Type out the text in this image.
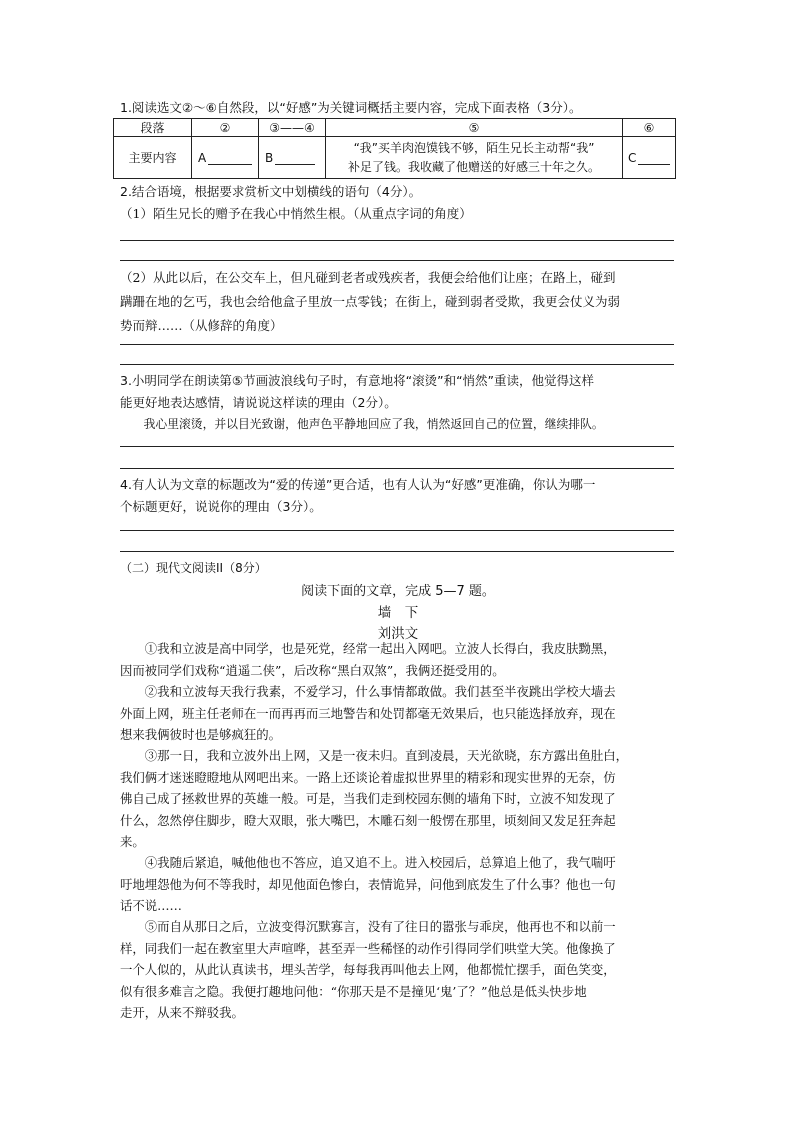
1.阅读选文②～⑥自然段，以“好感”为关键词概括主要内容，完成下面表格（3分）。
段落	②	③——④	⑤	⑥
主要内容	A	B	“我”买羊肉泡馍钱不够，陌生兄长主动帮“我”
补足了钱。我收藏了他赠送的好感三十年之久。	C
2.结合语境，根据要求赏析文中划横线的语句（4分）。
（1）陌生兄长的赠予在我心中悄然生根。（从重点字词的角度）
（2）从此以后，在公交车上，但凡碰到老者或残疾者，我便会给他们让座；在路上，碰到
蹒跚在地的乞丐，我也会给他盒子里放一点零钱；在街上，碰到弱者受欺，我更会仗义为弱
势而辩……（从修辞的角度）
3.小明同学在朗读第⑤节画波浪线句子时，有意地将“滚烫”和“悄然”重读，他觉得这样
能更好地表达感情，请说说这样读的理由（2分）。
我心里滚烫，并以目光致谢，他声色平静地回应了我，悄然返回自己的位置，继续排队。
4.有人认为文章的标题改为“爱的传递”更合适，也有人认为“好感”更准确，你认为哪一
个标题更好，说说你的理由（3分）。
（二）现代文阅读II（8分）
阅读下面的文章，完成 5—7 题。
墙　下
刘洪文
①我和立波是高中同学，也是死党，经常一起出入网吧。立波人长得白，我皮肤黝黑，
因而被同学们戏称“逍遥二侠”，后改称“黑白双煞”，我俩还挺受用的。
②我和立波每天我行我素，不爱学习，什么事情都敢做。我们甚至半夜跳出学校大墙去
外面上网，班主任老师在一而再再而三地警告和处罚都毫无效果后，也只能选择放弃，现在
想来我俩彼时也是够疯狂的。
③那一日，我和立波外出上网，又是一夜未归。直到凌晨，天光欲晓，东方露出鱼肚白，
我们俩才迷迷瞪瞪地从网吧出来。一路上还谈论着虚拟世界里的精彩和现实世界的无奈，仿
佛自己成了拯救世界的英雄一般。可是，当我们走到校园东侧的墙角下时，立波不知发现了
什么，忽然停住脚步，瞪大双眼，张大嘴巴，木雕石刻一般愣在那里，顷刻间又发足狂奔起
来。
④我随后紧追，喊他他也不答应，追又追不上。进入校园后，总算追上他了，我气喘吁
吁地埋怨他为何不等我时，却见他面色惨白，表情诡异，问他到底发生了什么事？他也一句
话不说……
⑤而自从那日之后，立波变得沉默寡言，没有了往日的嚣张与乖戾，他再也不和以前一
样，同我们一起在教室里大声喧哗，甚至弄一些稀怪的动作引得同学们哄堂大笑。他像换了
一个人似的，从此认真读书，埋头苦学，每每我再叫他去上网，他都慌忙摆手，面色笑变，
似有很多难言之隐。我便打趣地问他：“你那天是不是撞见‘鬼’了？”他总是低头快步地
走开，从来不辩驳我。
